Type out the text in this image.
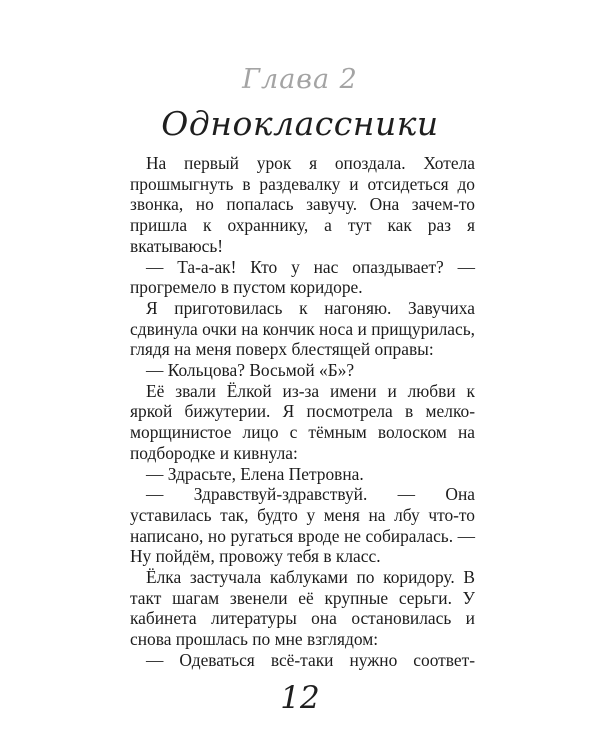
Глава 2
Одноклассники

На первый урок я опоздала. Хотела прошмыгнуть в раздевалку и отсидеться до звонка, но попалась завучу. Она зачем-то пришла к охраннику, а тут как раз я вкатываюсь!

— Та-а-ак! Кто у нас опаздывает? — прогремело в пустом коридоре.

Я приготовилась к нагоняю. Завучиха сдвинула очки на кончик носа и прищурилась, глядя на меня поверх блестящей оправы:

— Кольцова? Восьмой «Б»?

Её звали Ёлкой из-за имени и любви к яркой бижутерии. Я посмотрела в мелко-морщинистое лицо с тёмным волоском на подбородке и кивнула:

— Здрасьте, Елена Петровна.

— Здравствуй-здравствуй. — Она уставилась так, будто у меня на лбу что-то написано, но ругаться вроде не собиралась. — Ну пойдём, провожу тебя в класс.

Ёлка застучала каблуками по коридору. В такт шагам звенели её крупные серьги. У кабинета литературы она остановилась и снова прошлась по мне взглядом:

— Одеваться всё-таки нужно соответ-

12
